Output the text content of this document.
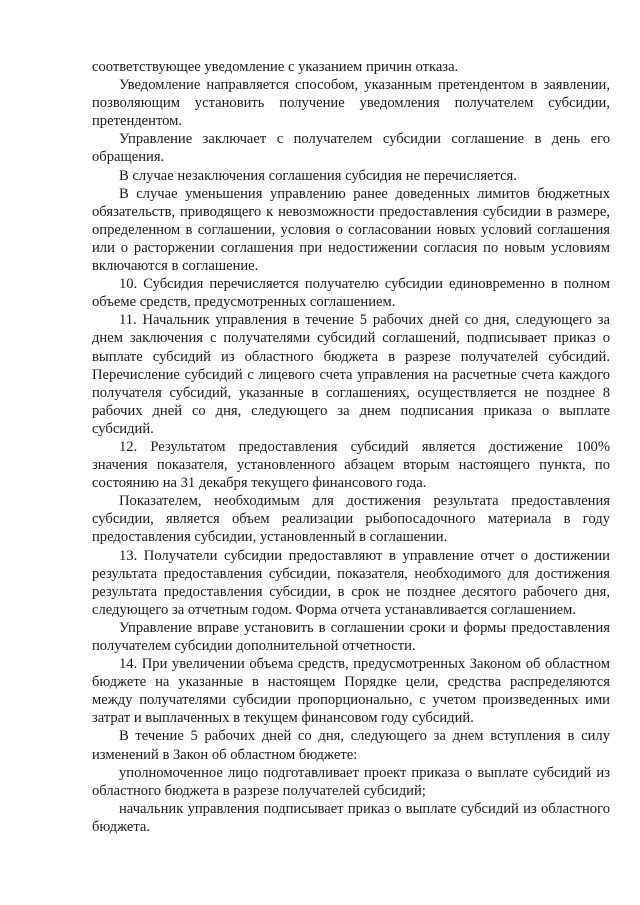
соответствующее уведомление с указанием причин отказа.

Уведомление направляется способом, указанным претендентом в заявлении, позволяющим установить получение уведомления получателем субсидии, претендентом.

Управление заключает с получателем субсидии соглашение в день его обращения.

В случае незаключения соглашения субсидия не перечисляется.

В случае уменьшения управлению ранее доведенных лимитов бюджетных обязательств, приводящего к невозможности предоставления субсидии в размере, определенном в соглашении, условия о согласовании новых условий соглашения или о расторжении соглашения при недостижении согласия по новым условиям включаются в соглашение.

10. Субсидия перечисляется получателю субсидии единовременно в полном объеме средств, предусмотренных соглашением.

11. Начальник управления в течение 5 рабочих дней со дня, следующего за днем заключения с получателями субсидий соглашений, подписывает приказ о выплате субсидий из областного бюджета в разрезе получателей субсидий. Перечисление субсидий с лицевого счета управления на расчетные счета каждого получателя субсидий, указанные в соглашениях, осуществляется не позднее 8 рабочих дней со дня, следующего за днем подписания приказа о выплате субсидий.

12. Результатом предоставления субсидий является достижение 100% значения показателя, установленного абзацем вторым настоящего пункта, по состоянию на 31 декабря текущего финансового года.

Показателем, необходимым для достижения результата предоставления субсидии, является объем реализации рыбопосадочного материала в году предоставления субсидии, установленный в соглашении.

13. Получатели субсидии предоставляют в управление отчет о достижении результата предоставления субсидии, показателя, необходимого для достижения результата предоставления субсидии, в срок не позднее десятого рабочего дня, следующего за отчетным годом. Форма отчета устанавливается соглашением.

Управление вправе установить в соглашении сроки и формы предоставления получателем субсидии дополнительной отчетности.

14. При увеличении объема средств, предусмотренных Законом об областном бюджете на указанные в настоящем Порядке цели, средства распределяются между получателями субсидии пропорционально, с учетом произведенных ими затрат и выплаченных в текущем финансовом году субсидий.

В течение 5 рабочих дней со дня, следующего за днем вступления в силу изменений в Закон об областном бюджете:

уполномоченное лицо подготавливает проект приказа о выплате субсидий из областного бюджета в разрезе получателей субсидий;

начальник управления подписывает приказ о выплате субсидий из областного бюджета.
